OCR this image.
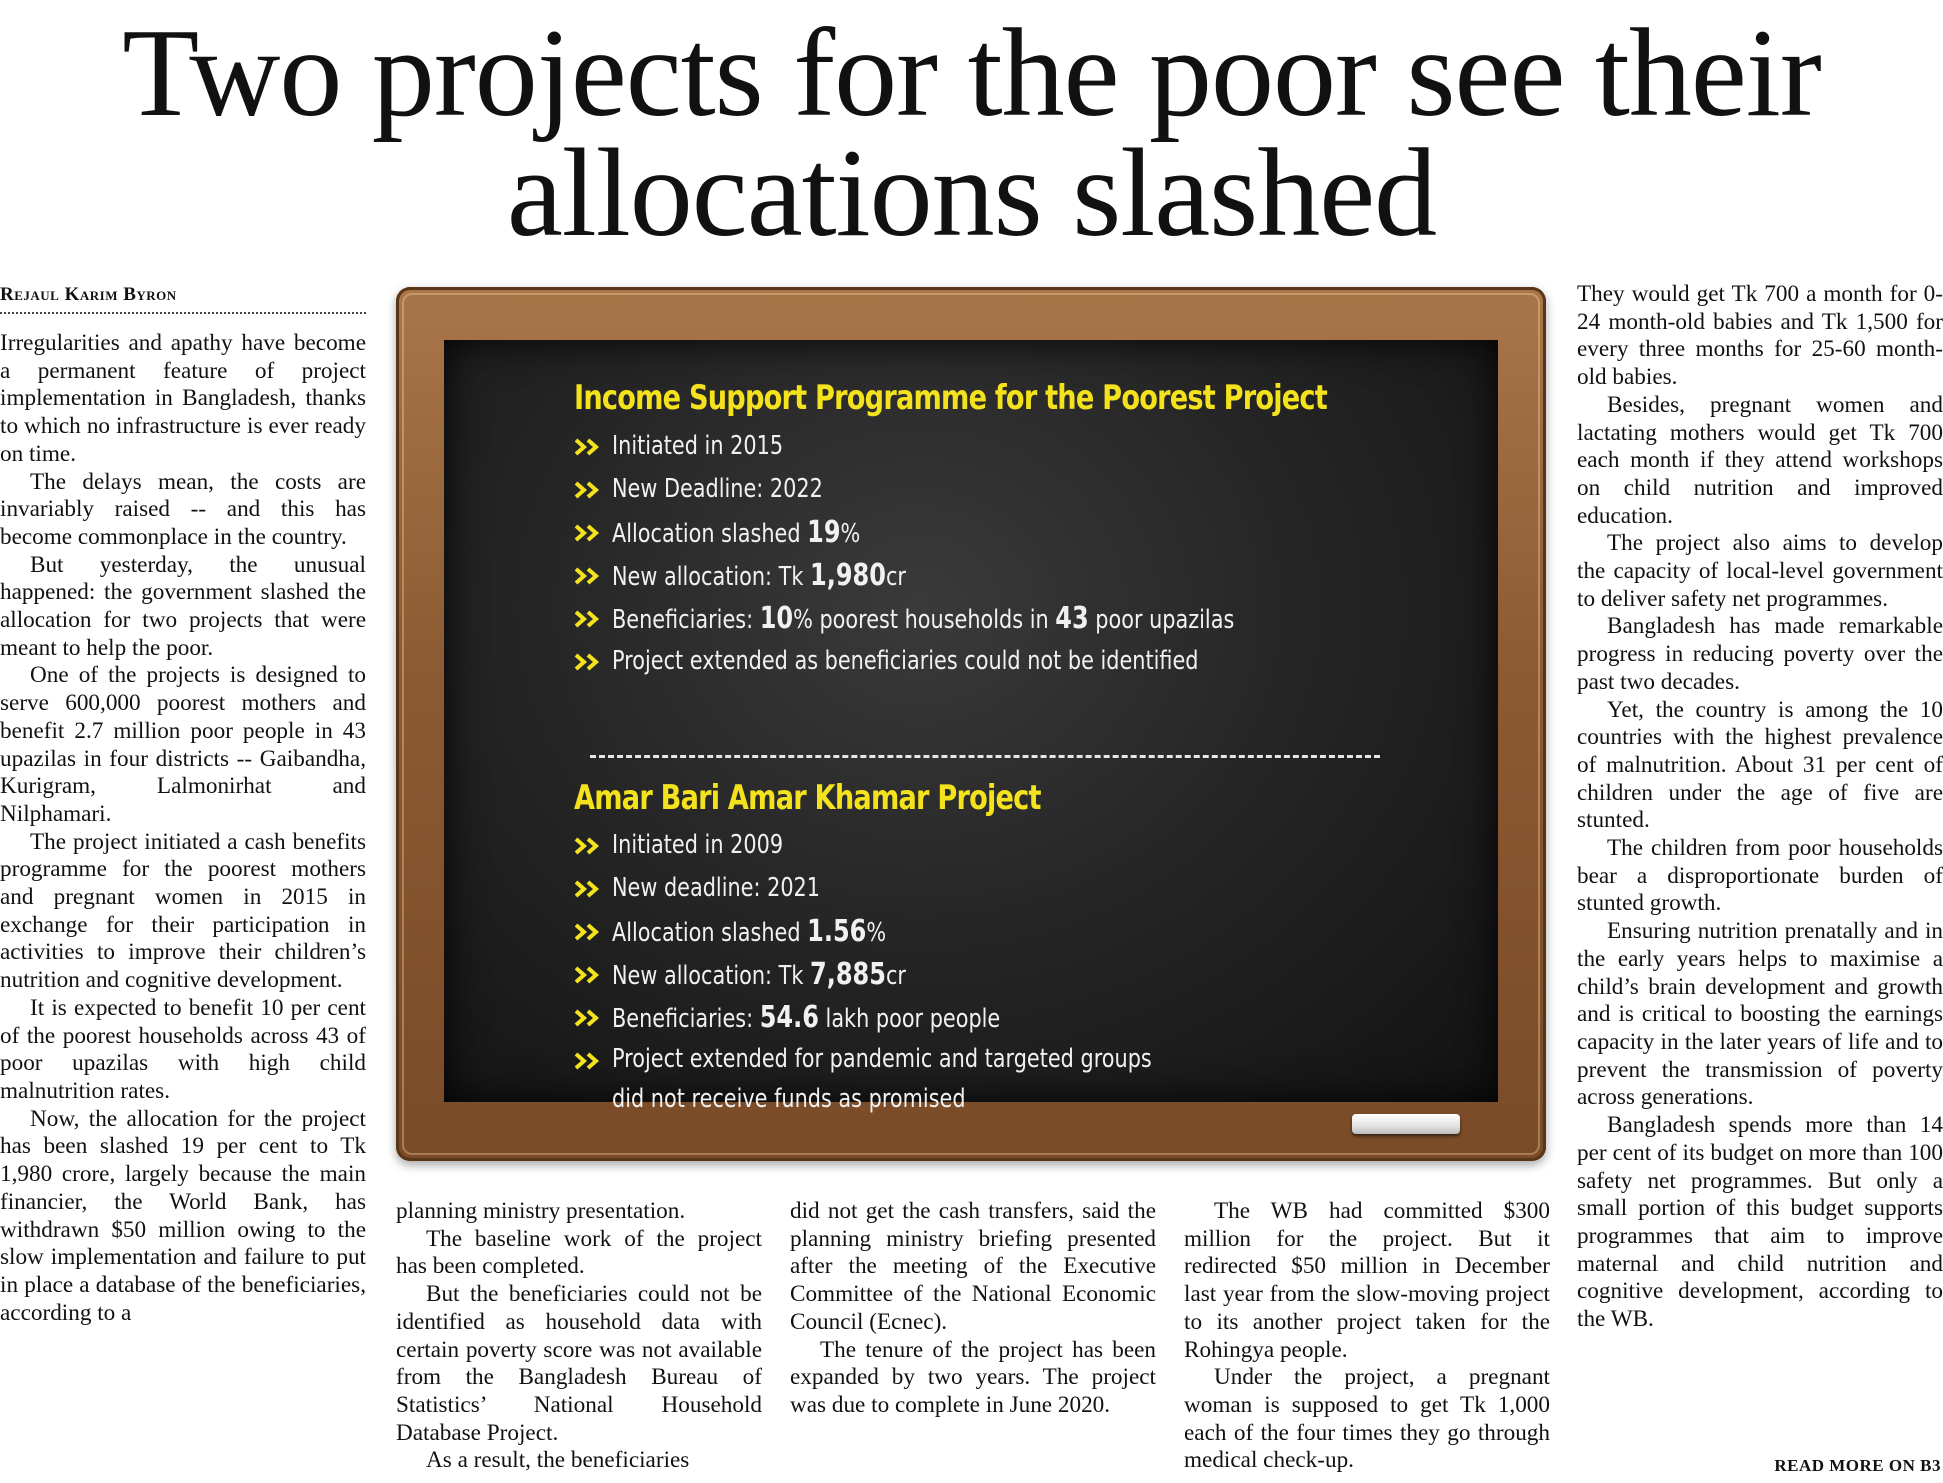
Two projects for the poor see their
allocations slashed
Rejaul Karim Byron

Irregularities and apathy have become a permanent feature of project implementation in Bangladesh, thanks to which no infrastructure is ever ready on time.

The delays mean, the costs are invariably raised -- and this has become commonplace in the country.

But yesterday, the unusual happened: the government slashed the allocation for two projects that were meant to help the poor.

One of the projects is designed to serve 600,000 poorest mothers and benefit 2.7 million poor people in 43 upazilas in four districts -- Gaibandha, Kurigram, Lalmonirhat and Nilphamari.

The project initiated a cash benefits programme for the poorest mothers and pregnant women in 2015 in exchange for their participation in activities to improve their children’s nutrition and cognitive development.

It is expected to benefit 10 per cent of the poorest households across 43 of poor upazilas with high child malnutrition rates.

Now, the allocation for the project has been slashed 19 per cent to Tk 1,980 crore, largely because the main financier, the World Bank, has withdrawn $50 million owing to the slow implementation and failure to put in place a database of the beneficiaries, according to a

Income Support Programme for the Poorest Project
Initiated in 2015
New Deadline: 2022
Allocation slashed 19%
New allocation: Tk 1,980cr
Beneficiaries: 10% poorest households in 43 poor upazilas
Project extended as beneficiaries could not be identified
Amar Bari Amar Khamar Project
Initiated in 2009
New deadline: 2021
Allocation slashed 1.56%
New allocation: Tk 7,885cr
Beneficiaries: 54.6 lakh poor people
Project extended for pandemic and targeted groups did not receive funds as promised

planning ministry presentation.

The baseline work of the project has been completed.

But the beneficiaries could not be identified as household data with certain poverty score was not available from the Bangladesh Bureau of Statistics’ National Household Database Project.

As a result, the beneficiaries

did not get the cash transfers, said the planning ministry briefing presented after the meeting of the Executive Committee of the National Economic Council (Ecnec).

The tenure of the project has been expanded by two years. The project was due to complete in June 2020.

The WB had committed $300 million for the project. But it redirected $50 million in December last year from the slow-moving project to its another project taken for the Rohingya people.

Under the project, a pregnant woman is supposed to get Tk 1,000 each of the four times they go through medical check-up.

They would get Tk 700 a month for 0-24 month-old babies and Tk 1,500 for every three months for 25-60 month-old babies.

Besides, pregnant women and lactating mothers would get Tk 700 each month if they attend workshops on child nutrition and improved education.

The project also aims to develop the capacity of local-level government to deliver safety net programmes.

Bangladesh has made remarkable progress in reducing poverty over the past two decades.

Yet, the country is among the 10 countries with the highest prevalence of malnutrition. About 31 per cent of children under the age of five are stunted.

The children from poor households bear a disproportionate burden of stunted growth.

Ensuring nutrition prenatally and in the early years helps to maximise a child’s brain development and growth and is critical to boosting the earnings capacity in the later years of life and to prevent the transmission of poverty across generations.

Bangladesh spends more than 14 per cent of its budget on more than 100 safety net programmes. But only a small portion of this budget supports programmes that aim to improve maternal and child nutrition and cognitive development, according to the WB.

READ MORE ON B3
